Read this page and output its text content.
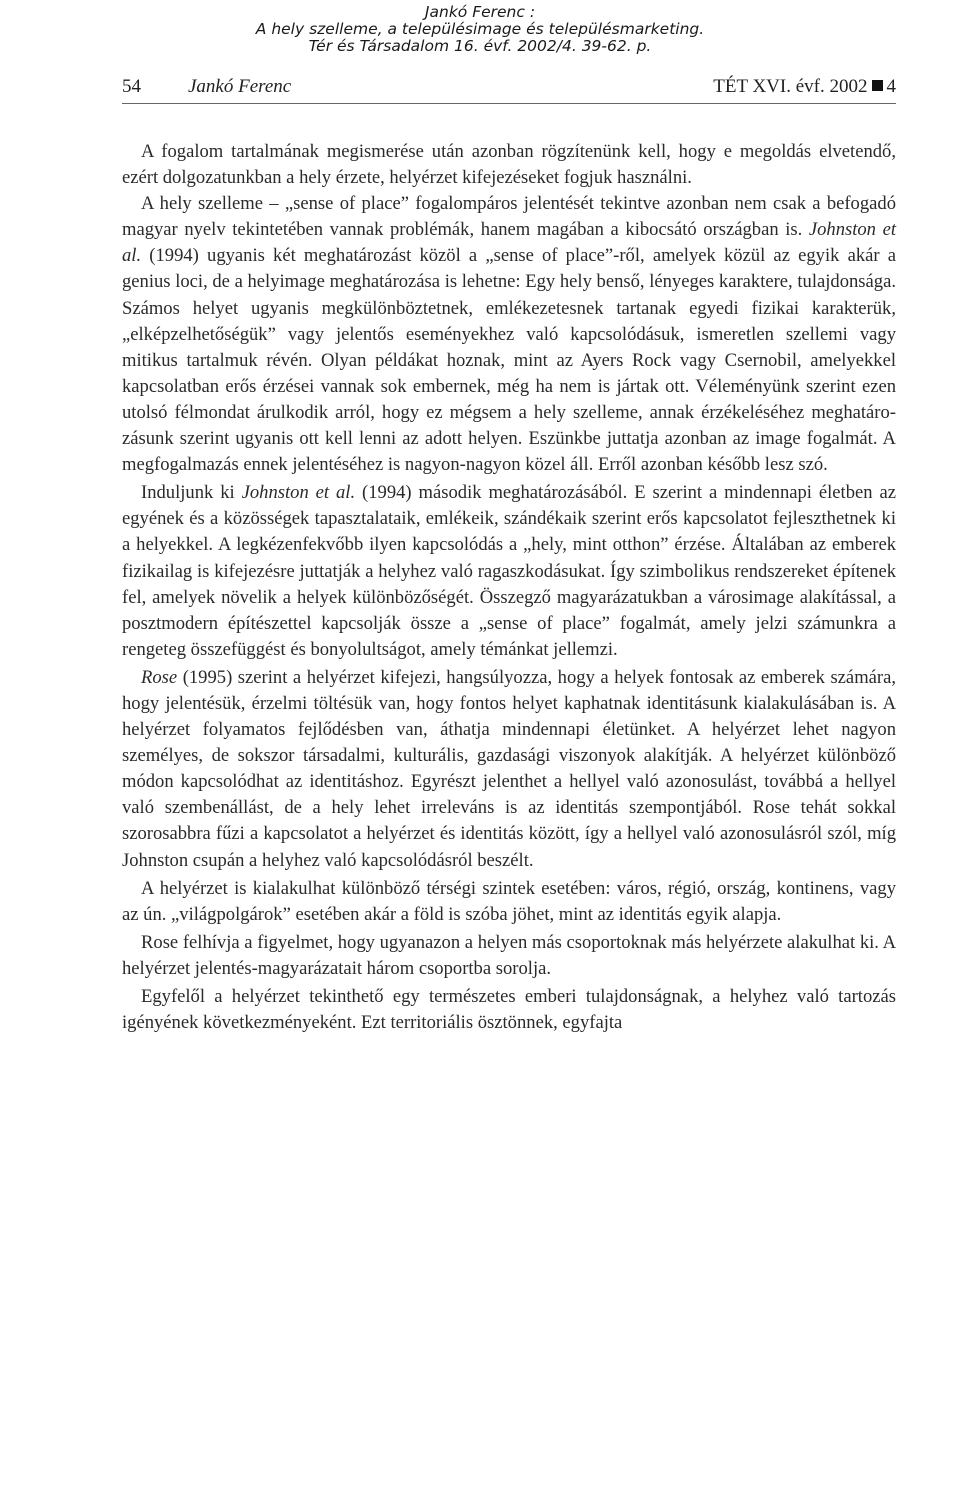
Jankó Ferenc :
A hely szelleme, a településimage és településmarketing.
Tér és Társadalom 16. évf. 2002/4. 39-62. p.
54 Jankó Ferenc	TÉT XVI. évf. 2002 4

A fogalom tartalmának megismerése után azonban rögzítenünk kell, hogy e megoldás elvetendő, ezért dolgozatunkban a hely érzete, helyérzet kifejezéseket fogjuk használni.

A hely szelleme – „sense of place” fogalompáros jelentését tekintve azonban nem csak a befogadó magyar nyelv tekintetében vannak problémák, hanem magában a kibocsátó országban is. Johnston et al. (1994) ugyanis két meghatározást közöl a „sense of place”-ről, amelyek közül az egyik akár a genius loci, de a helyimage meghatározása is lehetne: Egy hely benső, lényeges karaktere, tulajdonsága. Számos helyet ugyanis megkülönböztetnek, emlékezetesnek tartanak egyedi fizikai karakterük, „elképzelhetőségük” vagy jelentős eseményekhez való kapcsolódásuk, ismeretlen szellemi vagy mitikus tartalmuk révén. Olyan példákat hoznak, mint az Ayers Rock vagy Csernobil, amelyekkel kapcsolatban erős érzései vannak sok embernek, még ha nem is jártak ott. Véleményünk szerint ezen utolsó félmondat árulkodik arról, hogy ez mégsem a hely szelleme, annak érzékeléséhez meghatározásunk szerint ugyanis ott kell lenni az adott helyen. Eszünkbe juttatja azonban az image fogalmát. A megfogalmazás ennek jelentéséhez is nagyon-nagyon közel áll. Erről azonban később lesz szó.

Induljunk ki Johnston et al. (1994) második meghatározásából. E szerint a mindennapi életben az egyének és a közösségek tapasztalataik, emlékeik, szándékaik szerint erős kapcsolatot fejleszthetnek ki a helyekkel. A legkézenfekvőbb ilyen kapcsolódás a „hely, mint otthon” érzése. Általában az emberek fizikailag is kifejezésre juttatják a helyhez való ragaszkodásukat. Így szimbolikus rendszereket építenek fel, amelyek növelik a helyek különbözőségét. Összegző magyarázatukban a városimage alakítással, a posztmodern építészettel kapcsolják össze a „sense of place” fogalmát, amely jelzi számunkra a rengeteg összefüggést és bonyolultságot, amely témánkat jellemzi.

Rose (1995) szerint a helyérzet kifejezi, hangsúlyozza, hogy a helyek fontosak az emberek számára, hogy jelentésük, érzelmi töltésük van, hogy fontos helyet kaphatnak identitásunk kialakulásában is. A helyérzet folyamatos fejlődésben van, áthatja mindennapi életünket. A helyérzet lehet nagyon személyes, de sokszor társadalmi, kulturális, gazdasági viszonyok alakítják. A helyérzet különböző módon kapcsolódhat az identitáshoz. Egyrészt jelenthet a hellyel való azonosulást, továbbá a hellyel való szembenállást, de a hely lehet irreleváns is az identitás szempontjából. Rose tehát sokkal szorosabbra fűzi a kapcsolatot a helyérzet és identitás között, így a hellyel való azonosulásról szól, míg Johnston csupán a helyhez való kapcsolódásról beszélt.

A helyérzet is kialakulhat különböző térségi szintek esetében: város, régió, ország, kontinens, vagy az ún. „világpolgárok” esetében akár a föld is szóba jöhet, mint az identitás egyik alapja.

Rose felhívja a figyelmet, hogy ugyanazon a helyen más csoportoknak más helyérzete alakulhat ki. A helyérzet jelentés-magyarázatait három csoportba sorolja.

Egyfelől a helyérzet tekinthető egy természetes emberi tulajdonságnak, a helyhez való tartozás igényének következményeként. Ezt territoriális ösztönnek, egyfajta
